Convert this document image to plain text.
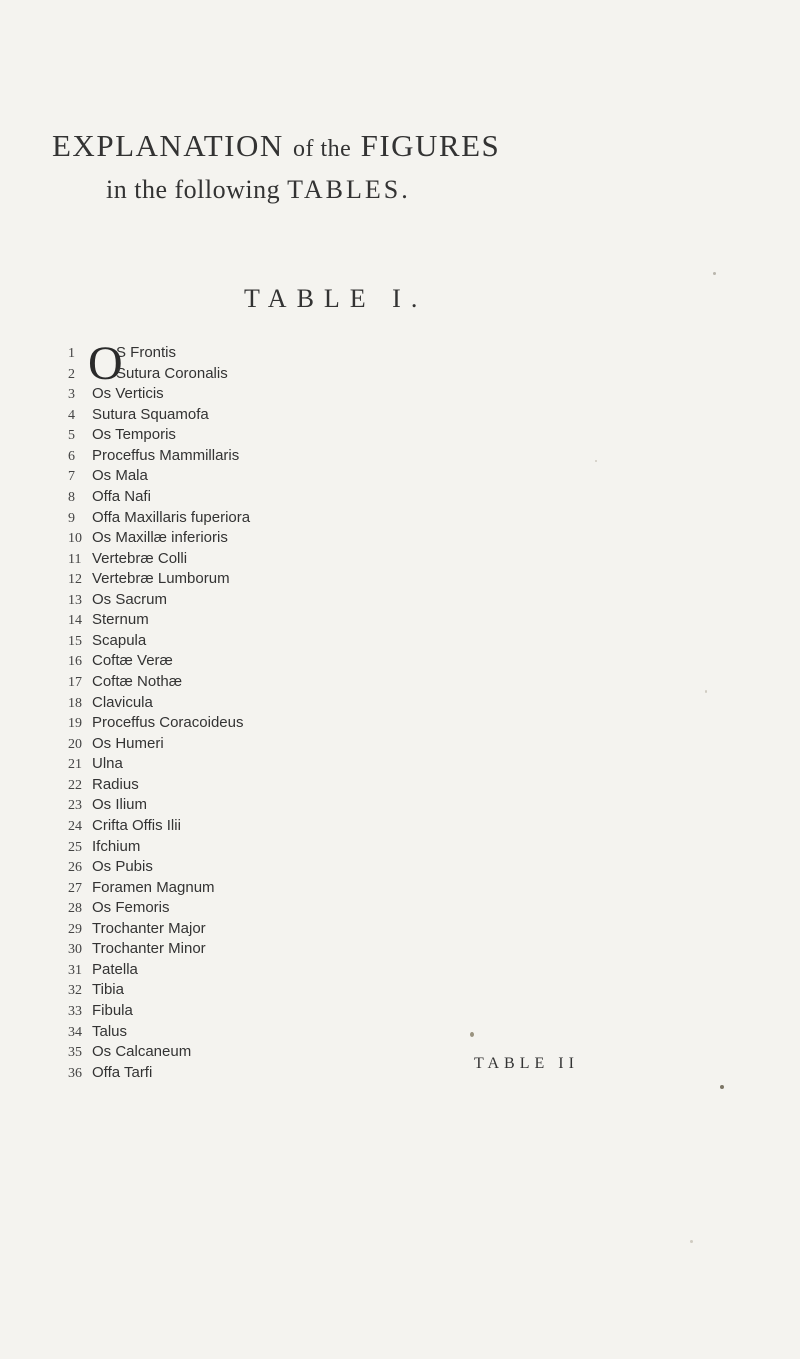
EXPLANATION of the FIGURES
in the following TABLES.
TABLE I.
1	S Frontis
O
2	Sutura Coronalis
3 Os Verticis
4 Sutura Squamofa
5 Os Temporis
6 Proceffus Mammillaris
7 Os Mala
8 Offa Nafi
9 Offa Maxillaris fuperiora
10 Os Maxillæ inferioris
11 Vertebræ Colli
12 Vertebræ Lumborum
13 Os Sacrum
14 Sternum
15 Scapula
16 Coftæ Veræ
17 Coftæ Nothæ
18 Clavicula
19 Proceffus Coracoideus
20 Os Humeri
21 Ulna
22 Radius
23 Os Ilium
24 Crifta Offis Ilii
25 Ifchium
26 Os Pubis
27 Foramen Magnum
28 Os Femoris
29 Trochanter Major
30 Trochanter Minor
31 Patella
32 Tibia
33 Fibula
34 Talus
35 Os Calcaneum
36 Offa Tarfi
TABLE II
